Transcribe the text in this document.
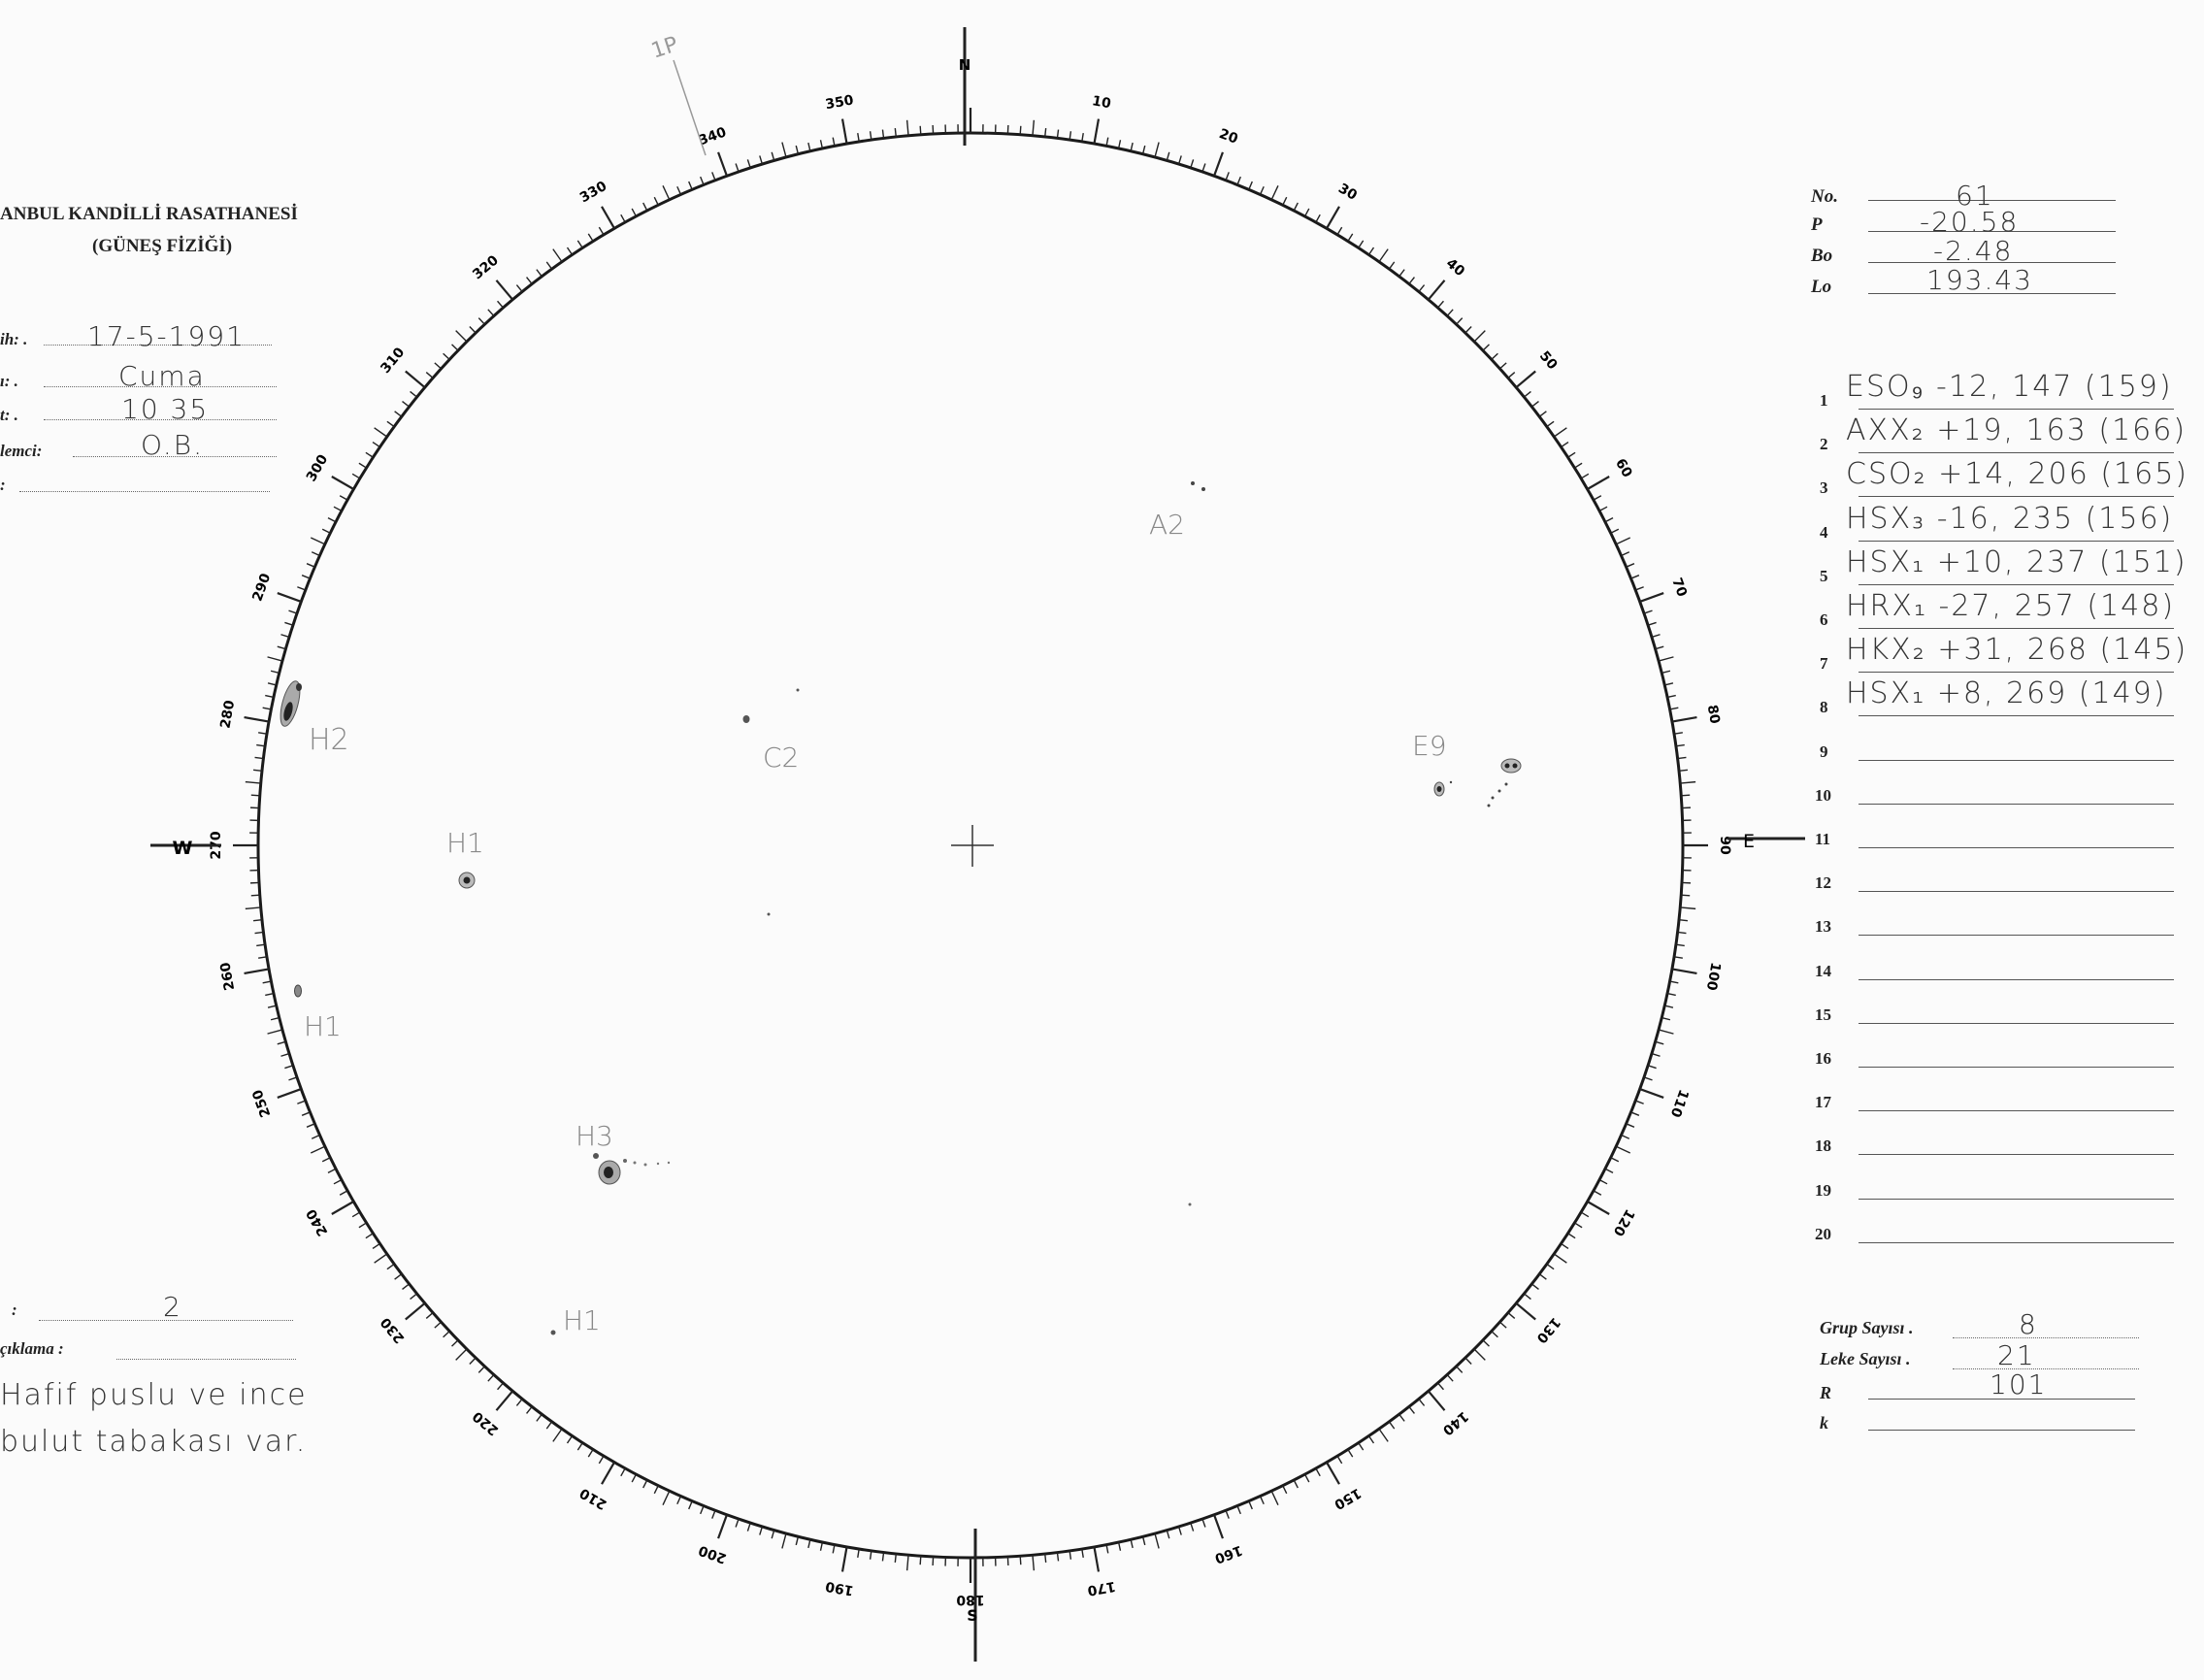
ANBUL KANDİLLİ RASATHANESİ
(GÜNEŞ FİZİĞİ)
ih: . 17-5-1991
ı: .	Cuma
t: .	10 35
lemci:	O.B.
:
:	2
çıklama :
Hafif puslu ve ince
bulut tabakası var.
No.	61
P	-20.58
Bo	-2.48
Lo	193.43
1 ESO₉ -12, 147 (159)
2 AXX₂ +19, 163 (166)
3 CSO₂ +14, 206 (165)
4 HSX₃ -16, 235 (156)
5 HSX₁ +10, 237 (151)
6 HRX₁ -27, 257 (148)
7 HKX₂ +31, 268 (145)
8 HSX₁ +8, 269 (149)
9
10
11
12
13
14
15
16
17
18
19
20
Grup Sayısı .	8
Leke Sayısı .	21
R	101
k
10
20
30
40
50
60
70
80
90
100
110
120
130
140
150
160
170
180
190
200
210
220
230
240
250
260
270
280
290
300
310
320
330
340
350
N
S
W	E
1P
A2
C2	E9
H2
H1
H1
H3
H1
